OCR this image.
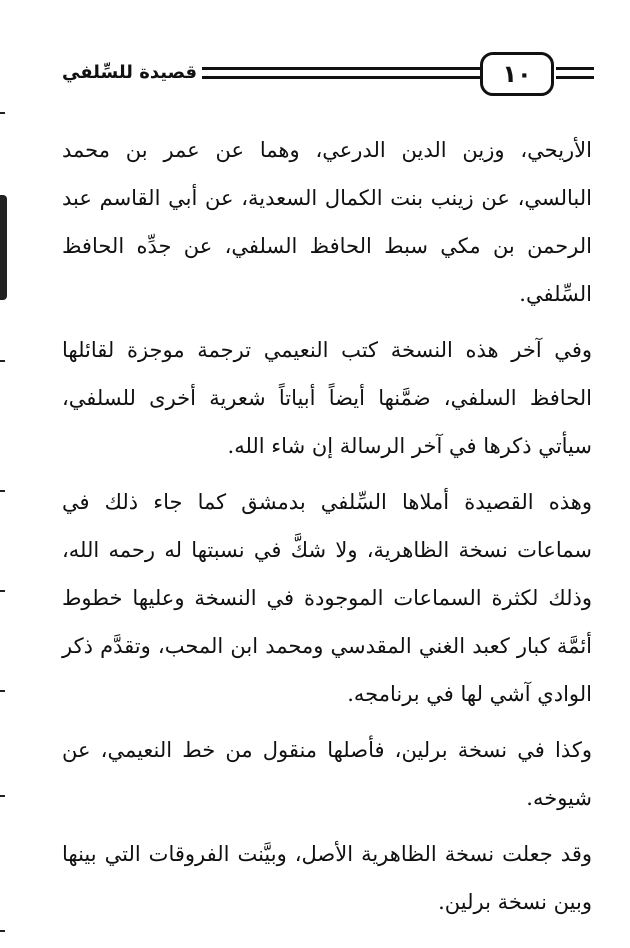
قصيدة للسِّلفي	١٠

الأريحي، وزين الدين الدرعي، وهما عن عمر بن محمد البالسي، عن زينب بنت الكمال السعدية، عن أبي القاسم عبد الرحمن بن مكي سبط الحافظ السلفي، عن جدِّه الحافظ السِّلفي.

وفي آخر هذه النسخة كتب النعيمي ترجمة موجزة لقائلها الحافظ السلفي، ضمَّنها أيضاً أبياتاً شعرية أخرى للسلفي، سيأتي ذكرها في آخر الرسالة إن شاء الله.

وهذه القصيدة أملاها السِّلفي بدمشق كما جاء ذلك في سماعات نسخة الظاهرية، ولا شكَّ في نسبتها له رحمه الله، وذلك لكثرة السماعات الموجودة في النسخة وعليها خطوط أئمَّة كبار كعبد الغني المقدسي ومحمد ابن المحب، وتقدَّم ذكر الوادي آشي لها في برنامجه.

وكذا في نسخة برلين، فأصلها منقول من خط النعيمي، عن شيوخه.

وقد جعلت نسخة الظاهرية الأصل، وبيَّنت الفروقات التي بينها وبين نسخة برلين.
